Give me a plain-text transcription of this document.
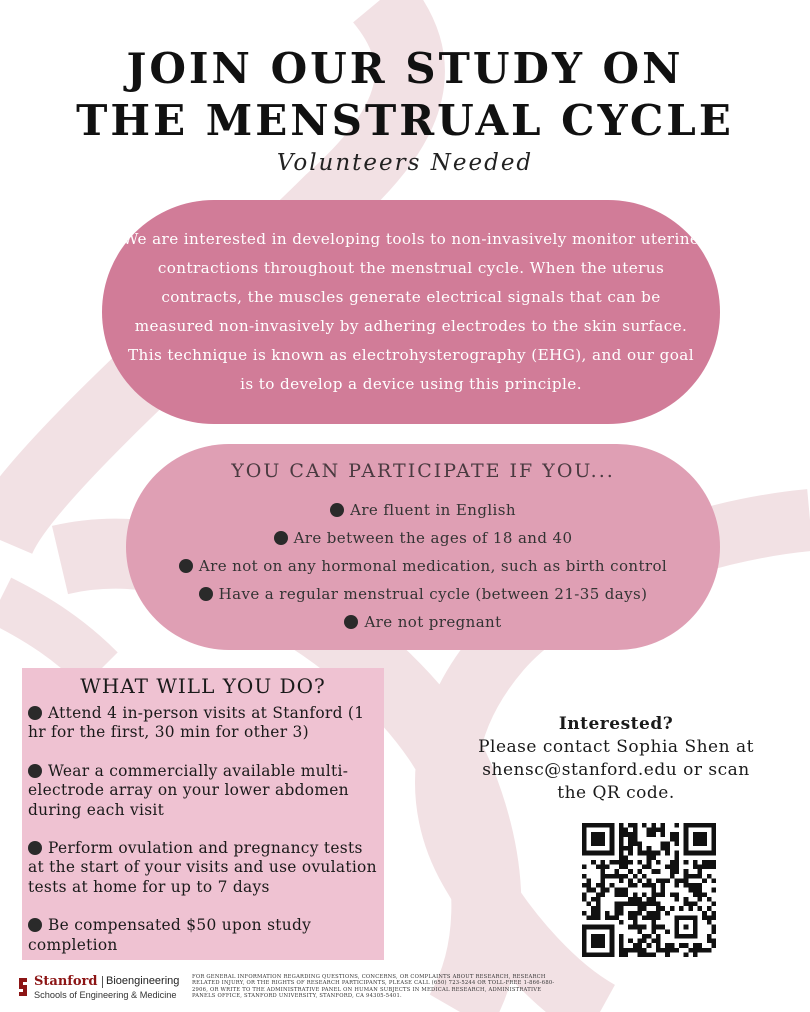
JOIN OUR STUDY ON
THE MENSTRUAL CYCLE
Volunteers Needed

We are interested in developing tools to non-invasively monitor uterine contractions throughout the menstrual cycle. When the uterus contracts, the muscles generate electrical signals that can be measured non-invasively by adhering electrodes to the skin surface. This technique is known as electrohysterography (EHG), and our goal is to develop a device using this principle.

YOU CAN PARTICIPATE IF YOU...
Are fluent in English
Are between the ages of 18 and 40
Are not on any hormonal medication, such as birth control
Have a regular menstrual cycle (between 21-35 days)
Are not pregnant
WHAT WILL YOU DO?
Attend 4 in-person visits at Stanford (1 hr for the first, 30 min for other 3)
Wear a commercially available multi-electrode array on your lower abdomen during each visit
Perform ovulation and pregnancy tests at the start of your visits and use ovulation tests at home for up to 7 days
Be compensated $50 upon study completion
Interested?
Please contact Sophia Shen at shensc@stanford.edu or scan the QR code.
Stanford Bioengineering
Schools of Engineering & Medicine
FOR GENERAL INFORMATION REGARDING QUESTIONS, CONCERNS, OR COMPLAINTS ABOUT RESEARCH, RESEARCH RELATED INJURY, OR THE RIGHTS OF RESEARCH PARTICIPANTS, PLEASE CALL (650) 723-5244 OR TOLL-FREE 1-866-680-2906, OR WRITE TO THE ADMINISTRATIVE PANEL ON HUMAN SUBJECTS IN MEDICAL RESEARCH, ADMINISTRATIVE PANELS OFFICE, STANFORD UNIVERSITY, STANFORD, CA 94305-5401.
